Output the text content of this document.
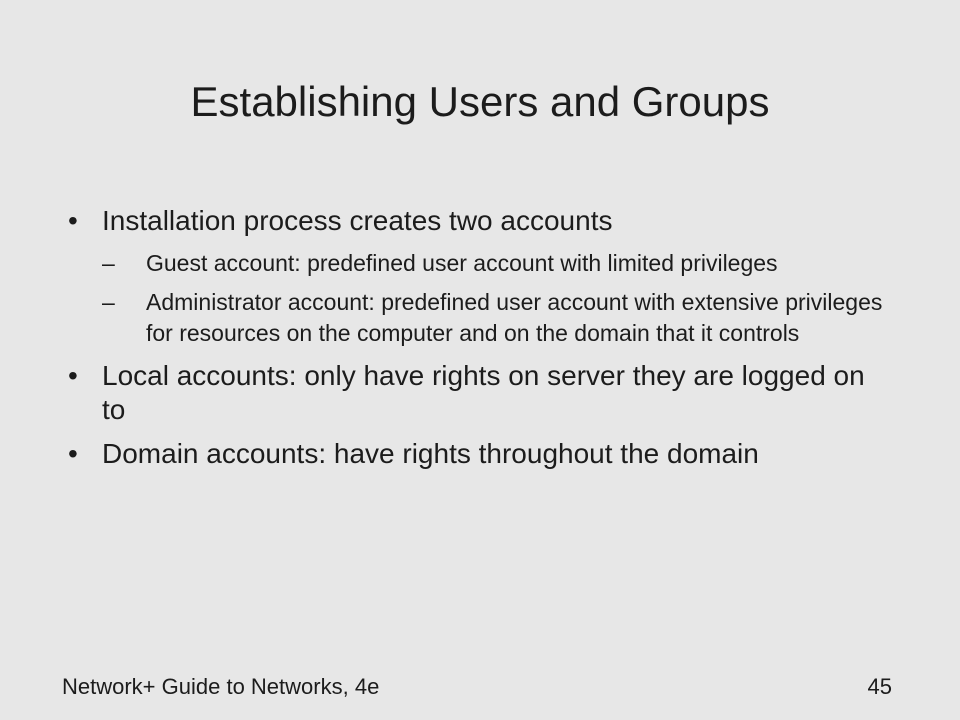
Establishing Users and Groups
• Installation process creates two accounts
– Guest account: predefined user account with limited privileges
– Administrator account: predefined user account with extensive privileges for resources on the computer and on the domain that it controls
• Local accounts: only have rights on server they are logged on to
• Domain accounts: have rights throughout the domain
Network+ Guide to Networks, 4e	45
